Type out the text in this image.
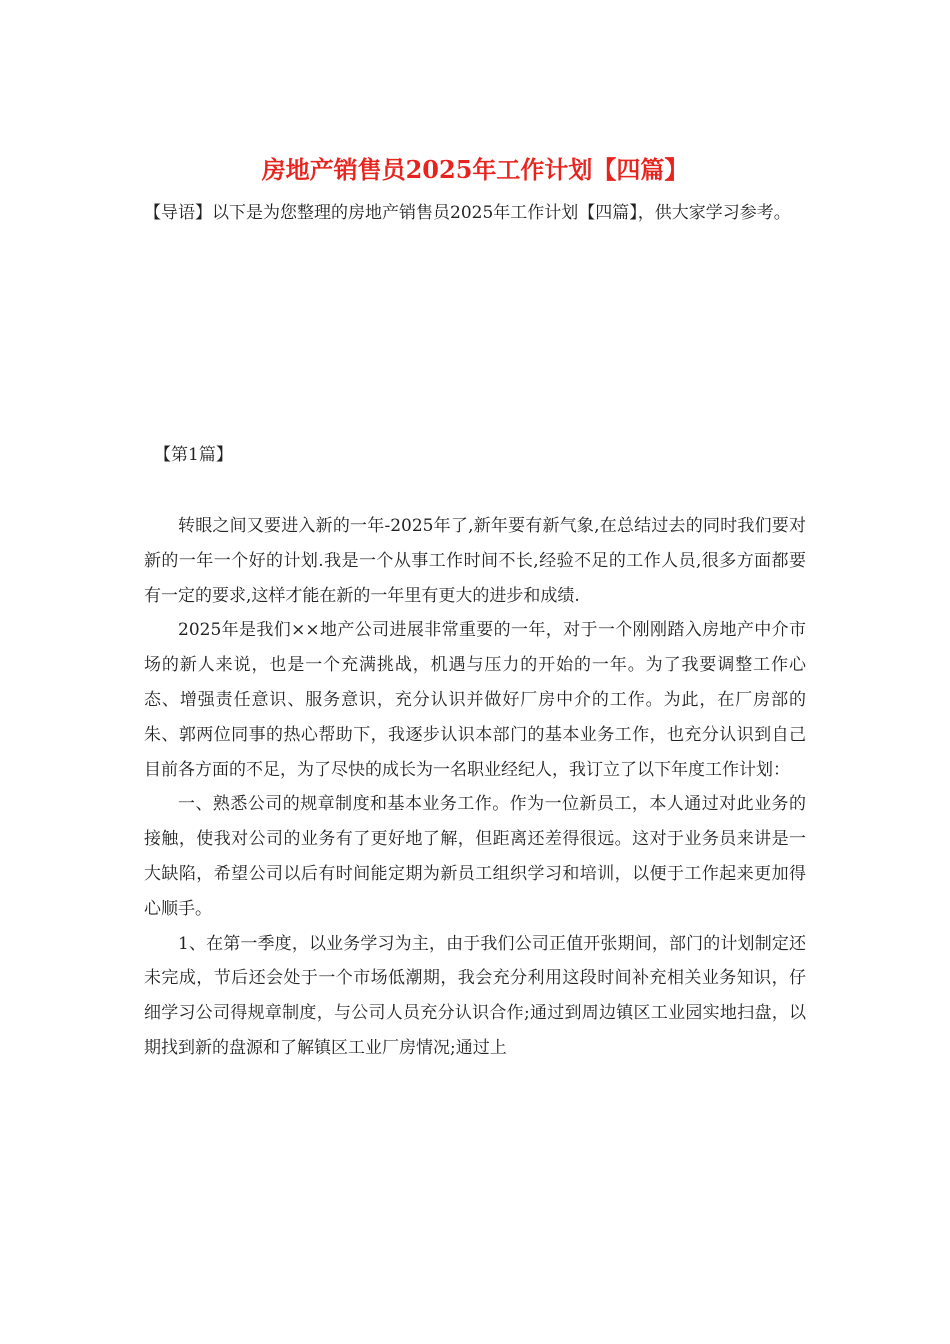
房地产销售员2025年工作计划【四篇】

【导语】以下是为您整理的房地产销售员2025年工作计划【四篇】，供大家学习参考。

【第1篇】

转眼之间又要进入新的一年-2025年了,新年要有新气象,在总结过去的同时我们要对新的一年一个好的计划.我是一个从事工作时间不长,经验不足的工作人员,很多方面都要有一定的要求,这样才能在新的一年里有更大的进步和成绩.

2025年是我们××地产公司进展非常重要的一年，对于一个刚刚踏入房地产中介市场的新人来说，也是一个充满挑战，机遇与压力的开始的一年。为了我要调整工作心态、增强责任意识、服务意识，充分认识并做好厂房中介的工作。为此，在厂房部的朱、郭两位同事的热心帮助下，我逐步认识本部门的基本业务工作，也充分认识到自己目前各方面的不足，为了尽快的成长为一名职业经纪人，我订立了以下年度工作计划：

一、熟悉公司的规章制度和基本业务工作。作为一位新员工，本人通过对此业务的接触，使我对公司的业务有了更好地了解，但距离还差得很远。这对于业务员来讲是一大缺陷，希望公司以后有时间能定期为新员工组织学习和培训，以便于工作起来更加得心顺手。

1、在第一季度，以业务学习为主，由于我们公司正值开张期间，部门的计划制定还未完成，节后还会处于一个市场低潮期，我会充分利用这段时间补充相关业务知识，仔细学习公司得规章制度，与公司人员充分认识合作;通过到周边镇区工业园实地扫盘，以期找到新的盘源和了解镇区工业厂房情况;通过上
